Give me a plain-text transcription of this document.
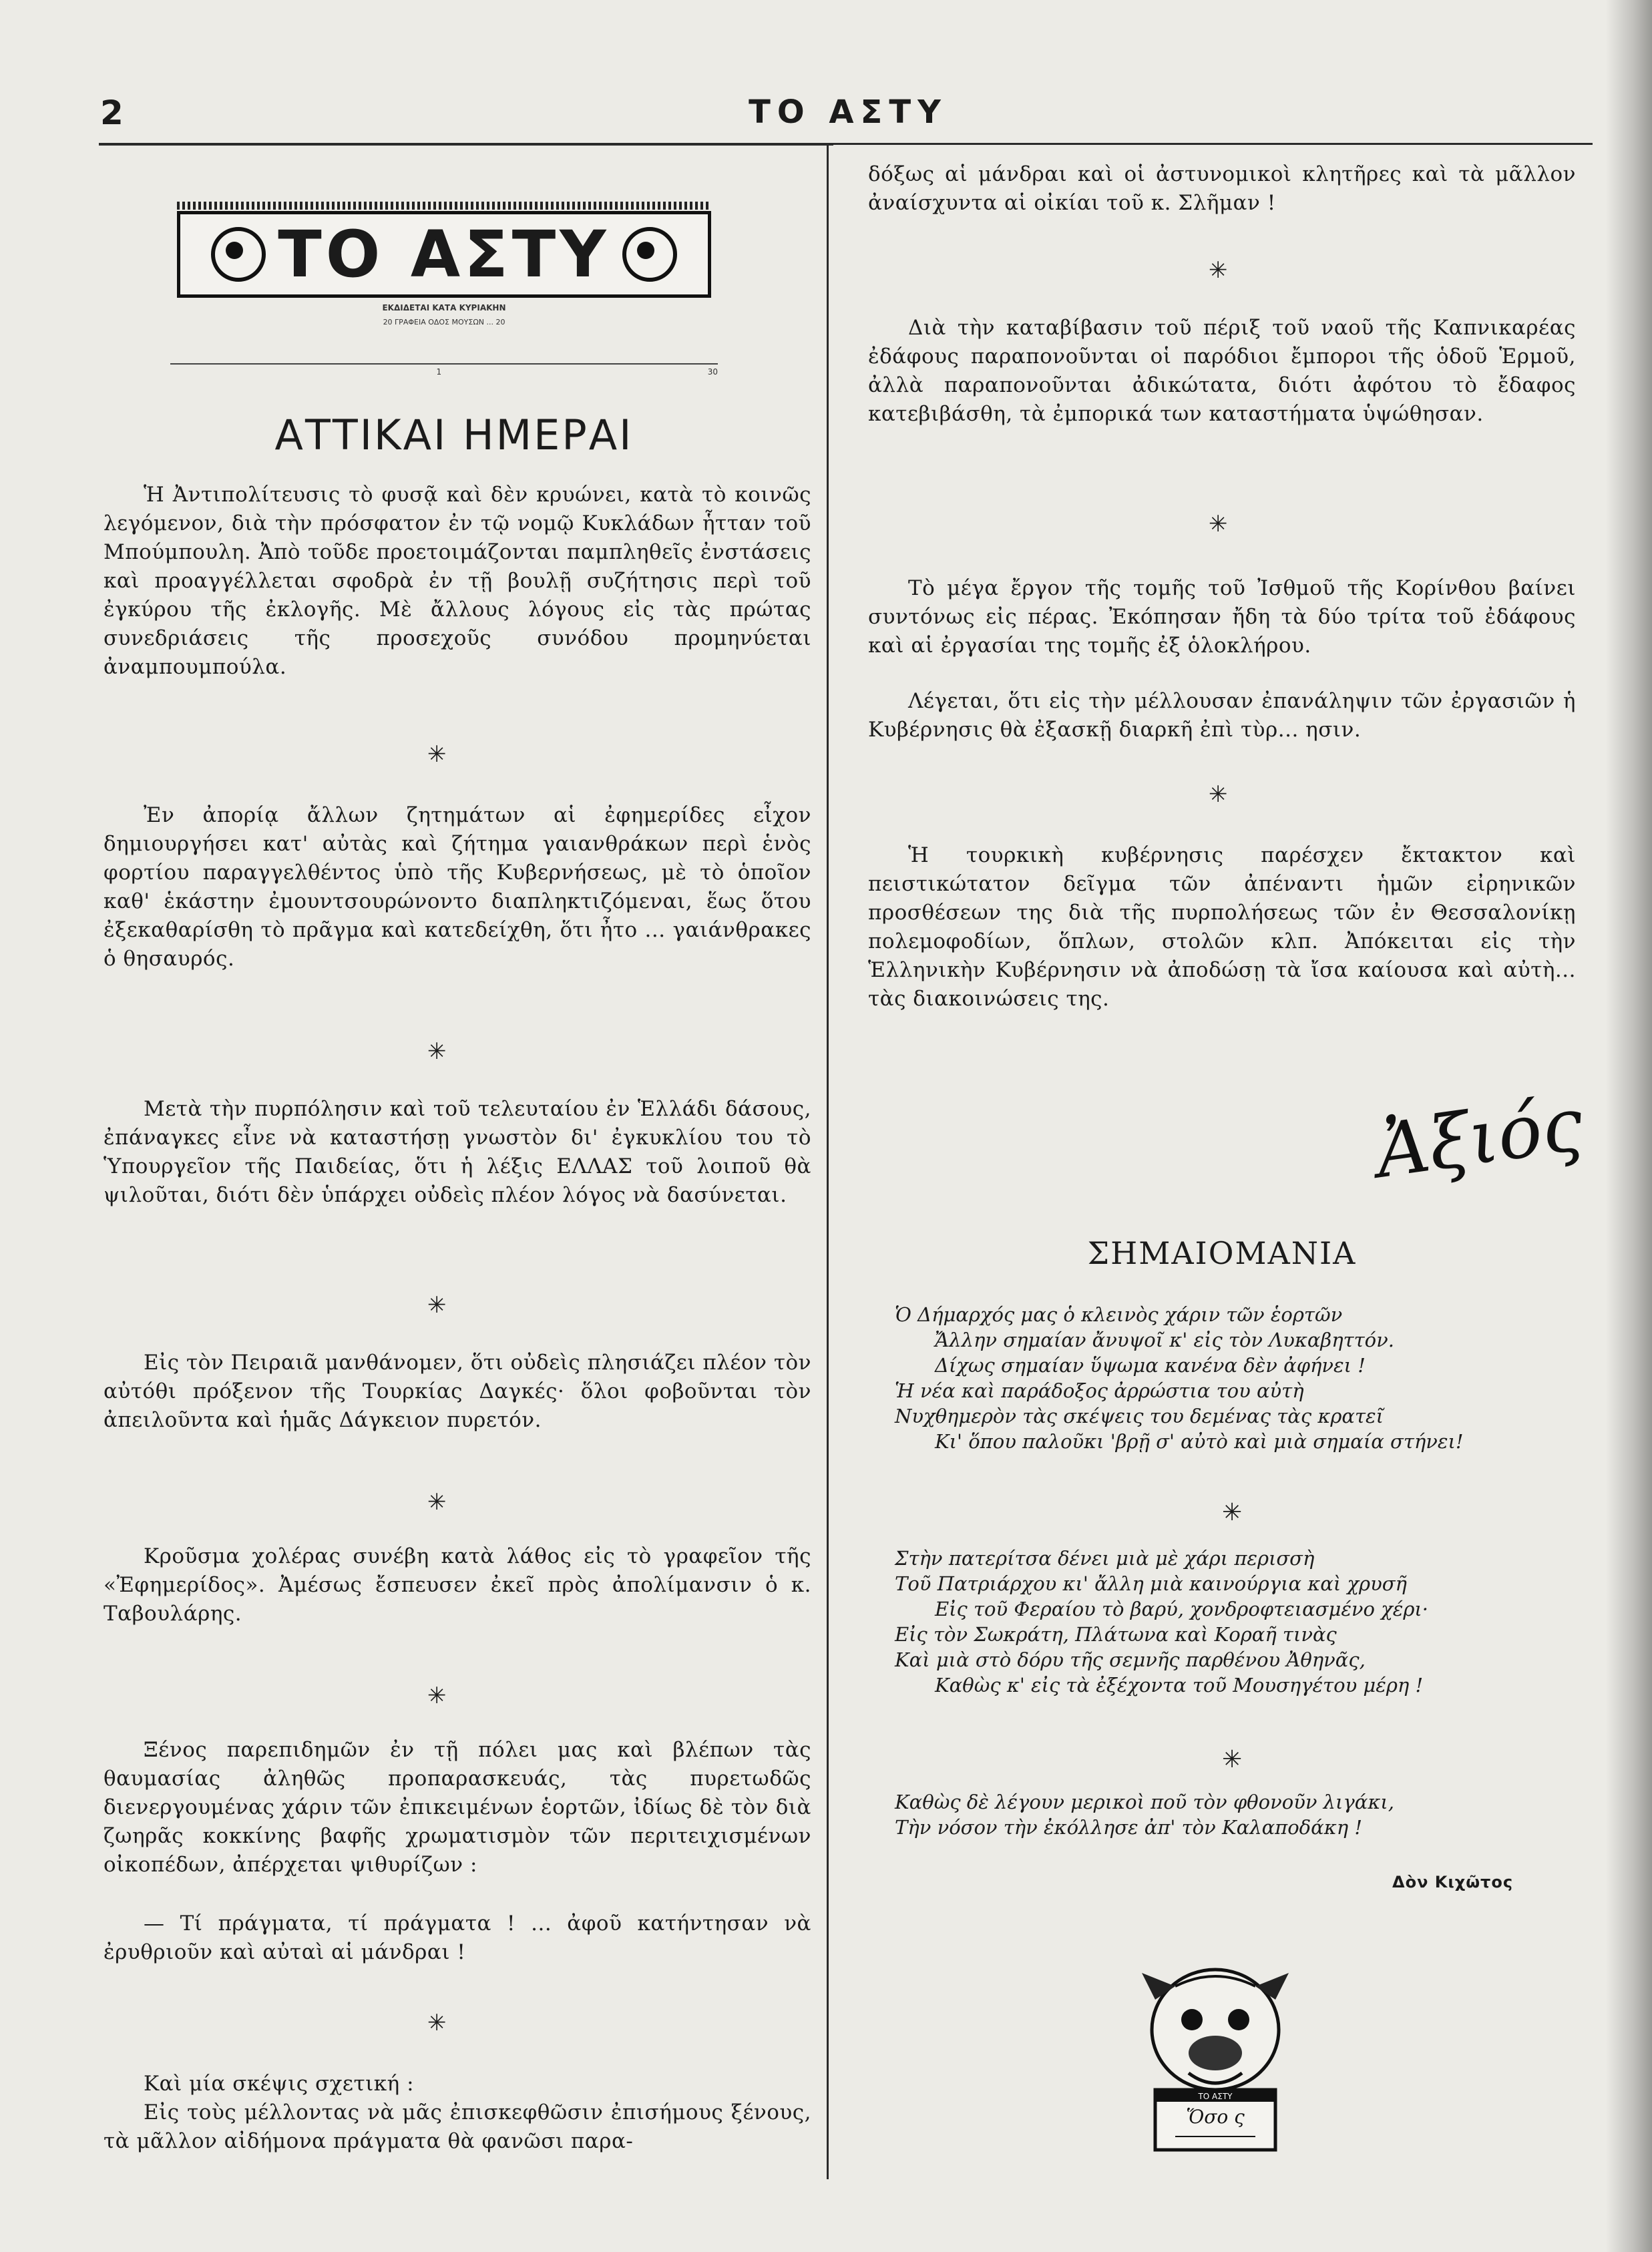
2	ΤΟ ΑΣΤΥ
ΤΟ ΑΣΤΥ
ΕΚΔΙΔΕΤΑΙ ΚΑΤΑ ΚΥΡΙΑΚΗΝ
20 ΓΡΑΦΕΙΑ ΟΔΟΣ ΜΟΥΣΩΝ ... 20
1	30
ΑΤΤΙΚΑΙ ΗΜΕΡΑΙ
Ἡ Ἀντιπολίτευσις τὸ φυσᾷ καὶ δὲν κρυώνει, κατὰ τὸ κοινῶς λεγόμενον, διὰ τὴν πρόσφατον ἐν τῷ νομῷ Κυκλάδων ἧτταν τοῦ Μπούμπουλη. Ἀπὸ τοῦδε προετοιμάζονται παμπληθεῖς ἐνστάσεις καὶ προαγγέλλεται σφοδρὰ ἐν τῇ βουλῇ συζήτησις περὶ τοῦ ἐγκύρου τῆς ἐκλογῆς. Μὲ ἄλλους λόγους εἰς τὰς πρώτας συνεδριάσεις τῆς προσεχοῦς συνόδου προμηνύεται ἀναμπουμπούλα.
✳
Ἐν ἀπορίᾳ ἄλλων ζητημάτων αἱ ἐφημερίδες εἶχον δημιουργήσει κατ' αὐτὰς καὶ ζήτημα γαιανθράκων περὶ ἑνὸς φορτίου παραγγελθέντος ὑπὸ τῆς Κυβερνήσεως, μὲ τὸ ὁποῖον καθ' ἑκάστην ἐμουντσουρώνοντο διαπληκτιζόμεναι, ἕως ὅτου ἐξεκαθαρίσθη τὸ πρᾶγμα καὶ κατεδείχθη, ὅτι ἦτο ... γαιάνθρακες ὁ θησαυρός.
✳
Μετὰ τὴν πυρπόλησιν καὶ τοῦ τελευταίου ἐν Ἑλλάδι δάσους, ἐπάναγκες εἶνε νὰ καταστήσῃ γνωστὸν δι' ἐγκυκλίου του τὸ Ὑπουργεῖον τῆς Παιδείας, ὅτι ἡ λέξις ΕΛΛΑΣ τοῦ λοιποῦ θὰ ψιλοῦται, διότι δὲν ὑπάρχει οὐδεὶς πλέον λόγος νὰ δασύνεται.
✳
Εἰς τὸν Πειραιᾶ μανθάνομεν, ὅτι οὐδεὶς πλησιάζει πλέον τὸν αὐτόθι πρόξενον τῆς Τουρκίας Δαγκές· ὅλοι φοβοῦνται τὸν ἀπειλοῦντα καὶ ἡμᾶς Δάγκειον πυρετόν.
✳
Κροῦσμα χολέρας συνέβη κατὰ λάθος εἰς τὸ γραφεῖον τῆς «Ἐφημερίδος». Ἀμέσως ἔσπευσεν ἐκεῖ πρὸς ἀπολίμανσιν ὁ κ. Ταβουλάρης.
✳
Ξένος παρεπιδημῶν ἐν τῇ πόλει μας καὶ βλέπων τὰς θαυμασίας ἀληθῶς προπαρασκευάς, τὰς πυρετωδῶς διενεργουμένας χάριν τῶν ἐπικειμένων ἑορτῶν, ἰδίως δὲ τὸν διὰ ζωηρᾶς κοκκίνης βαφῆς χρωματισμὸν τῶν περιτειχισμένων οἰκοπέδων, ἀπέρχεται ψιθυρίζων :
— Τί πράγματα, τί πράγματα ! ... ἀφοῦ κατήντησαν νὰ ἐρυθριοῦν καὶ αὐταὶ αἱ μάνδραι !
✳
Καὶ μία σκέψις σχετική :
Εἰς τοὺς μέλλοντας νὰ μᾶς ἐπισκεφθῶσιν ἐπισήμους ξένους, τὰ μᾶλλον αἰδήμονα πράγματα θὰ φανῶσι παρα-
δόξως αἱ μάνδραι καὶ οἱ ἀστυνομικοὶ κλητῆρες καὶ τὰ μᾶλλον ἀναίσχυντα αἱ οἰκίαι τοῦ κ. Σλῆμαν !
✳
Διὰ τὴν καταβίβασιν τοῦ πέριξ τοῦ ναοῦ τῆς Καπνικαρέας ἐδάφους παραπονοῦνται οἱ παρόδιοι ἔμποροι τῆς ὁδοῦ Ἑρμοῦ, ἀλλὰ παραπονοῦνται ἀδικώτατα, διότι ἀφότου τὸ ἔδαφος κατεβιβάσθη, τὰ ἐμπορικά των καταστήματα ὑψώθησαν.
✳
Τὸ μέγα ἔργον τῆς τομῆς τοῦ Ἰσθμοῦ τῆς Κορίνθου βαίνει συντόνως εἰς πέρας. Ἐκόπησαν ἤδη τὰ δύο τρίτα τοῦ ἐδάφους καὶ αἱ ἐργασίαι της τομῆς ἐξ ὁλοκλήρου.
Λέγεται, ὅτι εἰς τὴν μέλλουσαν ἐπανάληψιν τῶν ἐργασιῶν ἡ Κυβέρνησις θὰ ἐξασκῇ διαρκῆ ἐπὶ τὺρ... ησιν.
✳
Ἡ τουρκικὴ κυβέρνησις παρέσχεν ἔκτακτον καὶ πειστικώτατον δεῖγμα τῶν ἀπέναντι ἡμῶν εἰρηνικῶν προσθέσεων της διὰ τῆς πυρπολήσεως τῶν ἐν Θεσσαλονίκῃ πολεμοφοδίων, ὅπλων, στολῶν κλπ. Ἀπόκειται εἰς τὴν Ἑλληνικὴν Κυβέρνησιν νὰ ἀποδώσῃ τὰ ἴσα καίουσα καὶ αὐτὴ... τὰς διακοινώσεις της.
Ἀξιός
ΣΗΜΑΙΟΜΑΝΙΑ
Ὁ Δήμαρχός μας ὁ κλεινὸς χάριν τῶν ἑορτῶν
Ἄλλην σημαίαν ἄνυψοῖ κ' εἰς τὸν Λυκαβηττόν.
Δίχως σημαίαν ὕψωμα κανένα δὲν ἀφήνει !
Ἡ νέα καὶ παράδοξος ἀρρώστια του αὐτὴ
Νυχθημερὸν τὰς σκέψεις του δεμένας τὰς κρατεῖ
Κι' ὅπου παλοῦκι 'βρῇ σ' αὐτὸ καὶ μιὰ σημαία στήνει!
✳
Στὴν πατερίτσα δένει μιὰ μὲ χάρι περισσὴ
Τοῦ Πατριάρχου κι' ἄλλη μιὰ καινούργια καὶ χρυσῆ
Εἰς τοῦ Φεραίου τὸ βαρύ, χονδροφτειασμένο χέρι·
Εἰς τὸν Σωκράτη, Πλάτωνα καὶ Κοραῆ τινὰς
Καὶ μιὰ στὸ δόρυ τῆς σεμνῆς παρθένου Ἀθηνᾶς,
Καθὼς κ' εἰς τὰ ἐξέχοντα τοῦ Μουσηγέτου μέρη !
✳
Καθὼς δὲ λέγουν μερικοὶ ποῦ τὸν φθονοῦν λιγάκι,
Τὴν νόσον τὴν ἐκόλλησε ἀπ' τὸν Καλαποδάκη !
Δὸν Κιχῶτος
ΤΟ ΑΣΤΥ
Ὅσο ς
